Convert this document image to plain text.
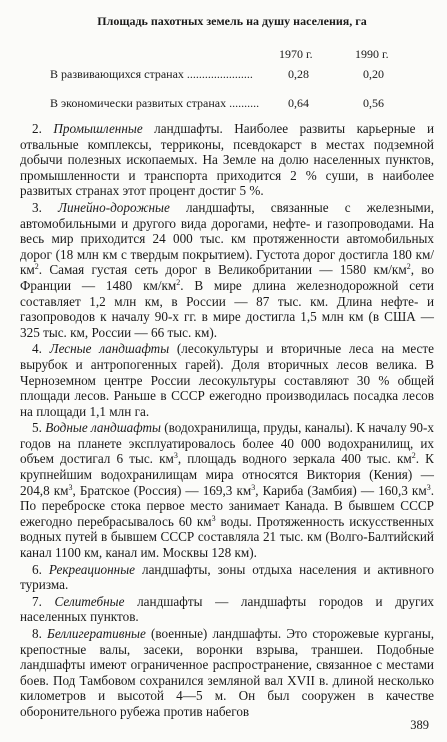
Площадь пахотных земель на душу населения, га
1970 г.	1990 г.
В развивающихся странах ......................	0,28	0,20
В экономически развитых странах .......... 0,64	0,56

2. Промышленные ландшафты. Наиболее развиты карьерные и отвальные комплексы, терриконы, псевдокарст в местах подземной добычи полезных ископаемых. На Земле на долю населенных пунктов, промышленности и транспорта приходится 2 % суши, в наиболее развитых странах этот процент достиг 5 %.

3. Линейно-дорожные ландшафты, связанные с железными, автомобильными и другого вида дорогами, нефте- и газопроводами. На весь мир приходится 24 000 тыс. км протяженности автомобильных дорог (18 млн км с твердым покрытием). Густота дорог достигла 180 $км/км^2$. Самая густая сеть дорог в Великобритании — 1580 $км/км^2$, во Франции — 1480 $км/км^2$. В мире длина железнодорожной сети составляет 1,2 млн км, в России — 87 тыс. км. Длина нефте- и газопроводов к началу 90-х гг. в мире достигла 1,5 млн км (в США — 325 тыс. км, России — 66 тыс. км).

4. Лесные ландшафты (лесокультуры и вторичные леса на месте вырубок и антропогенных гарей). Доля вторичных лесов велика. В Черноземном центре России лесокультуры составляют 30 % общей площади лесов. Раньше в СССР ежегодно производилась посадка лесов на площади 1,1 млн га.

5. Водные ландшафты (водохранилища, пруды, каналы). К началу 90-х годов на планете эксплуатировалось более 40 000 водохранилищ, их объем достигал 6 тыс. $км^3$, площадь водного зеркала 400 тыс. $км^2$. К крупнейшим водохранилищам мира относятся Виктория (Кения) — 204,8 $км^3$, Братское (Россия) — 169,3 $км^3$, Кариба (Замбия) — 160,3 $км^3$. По переброске стока первое место занимает Канада. В бывшем СССР ежегодно перебрасывалось 60 $км^3$ воды. Протяженность искусственных водных путей в бывшем СССР составляла 21 тыс. км (Волго-Балтийский канал 1100 км, канал им. Москвы 128 км).

6. Рекреационные ландшафты, зоны отдыха населения и активного туризма.

7. Селитебные ландшафты — ландшафты городов и других населенных пунктов.

8. Беллигеративные (военные) ландшафты. Это сторожевые курганы, крепостные валы, засеки, воронки взрыва, траншеи. Подобные ландшафты имеют ограниченное распространение, связанное с местами боев. Под Тамбовом сохранился земляной вал XVII в. длиной несколько километров и высотой 4—5 м. Он был сооружен в качестве оборонительного рубежа против набегов

389
